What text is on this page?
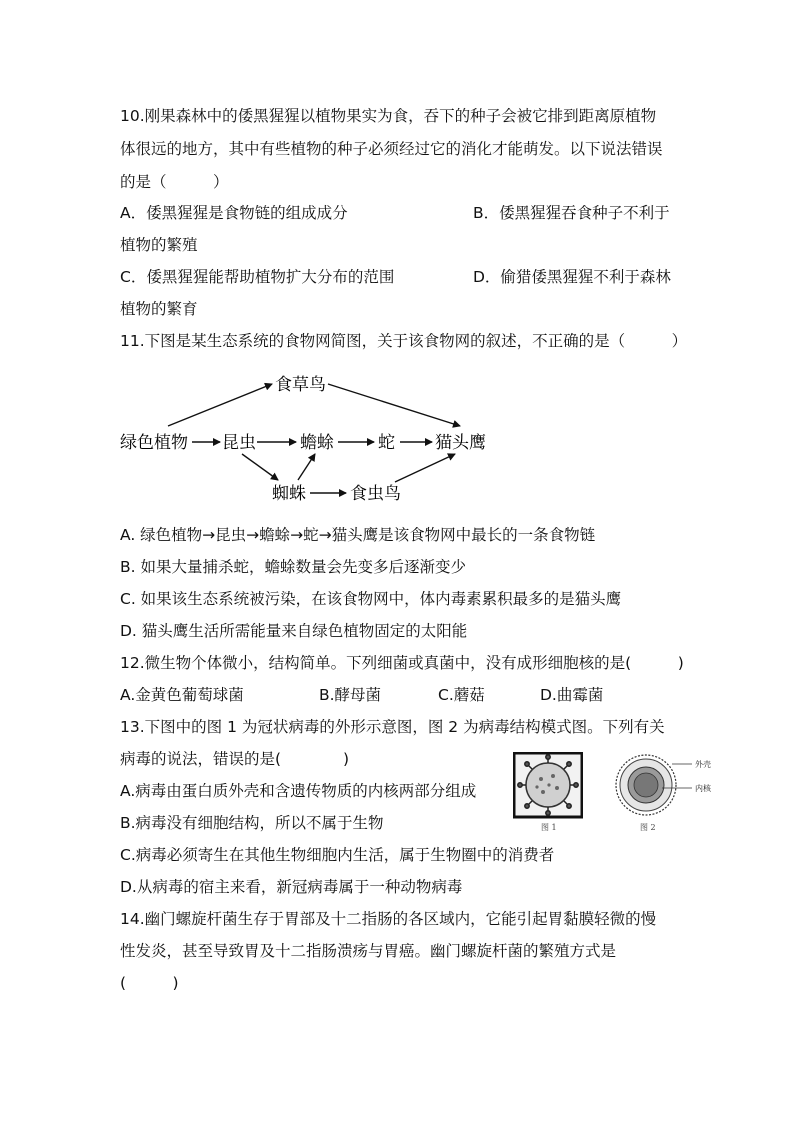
10.刚果森林中的倭黑猩猩以植物果实为食，吞下的种子会被它排到距离原植物
体很远的地方，其中有些植物的种子必须经过它的消化才能萌发。以下说法错误
的是（　　　）
A．倭黑猩猩是食物链的组成成分	B．倭黑猩猩吞食种子不利于
植物的繁殖
C．倭黑猩猩能帮助植物扩大分布的范围	D．偷猎倭黑猩猩不利于森林
植物的繁育
11.下图是某生态系统的食物网简图，关于该食物网的叙述，不正确的是（　　　）
绿色植物 昆虫	蟾蜍	蛇 猫头鹰
食草鸟
蜘蛛	食虫鸟
A. 绿色植物→昆虫→蟾蜍→蛇→猫头鹰是该食物网中最长的一条食物链
B. 如果大量捕杀蛇，蟾蜍数量会先变多后逐渐变少
C. 如果该生态系统被污染，在该食物网中，体内毒素累积最多的是猫头鹰
D. 猫头鹰生活所需能量来自绿色植物固定的太阳能
12.微生物个体微小，结构简单。下列细菌或真菌中，没有成形细胞核的是(　　　)
A.金黄色葡萄球菌	B.酵母菌	C.蘑菇	D.曲霉菌
13.下图中的图 1 为冠状病毒的外形示意图，图 2 为病毒结构模式图。下列有关
病毒的说法，错误的是(　　　　)
A.病毒由蛋白质外壳和含遗传物质的内核两部分组成
B.病毒没有细胞结构，所以不属于生物
C.病毒必须寄生在其他生物细胞内生活，属于生物圈中的消费者
D.从病毒的宿主来看，新冠病毒属于一种动物病毒
图 1
外壳
内核
图 2
14.幽门螺旋杆菌生存于胃部及十二指肠的各区域内，它能引起胃黏膜轻微的慢
性发炎，甚至导致胃及十二指肠溃疡与胃癌。幽门螺旋杆菌的繁殖方式是
(　　　)
